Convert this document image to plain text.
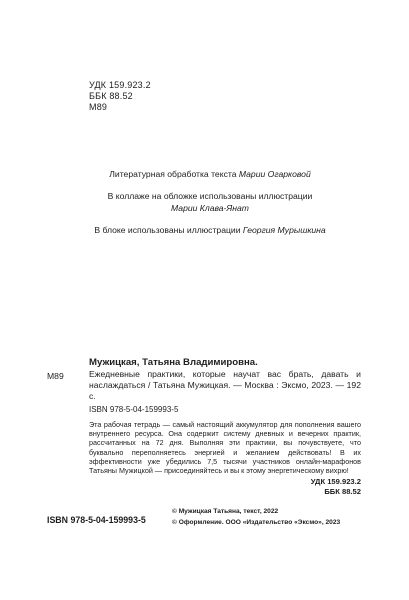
УДК 159.923.2
ББК 88.52
М89
Литературная обработка текста Марии Огарковой
В коллаже на обложке использованы иллюстрации
Марии Клава-Янат
В блоке использованы иллюстрации Георгия Мурышкина
Мужицкая, Татьяна Владимировна.
М89	Ежедневные практики, которые научат вас брать, давать и наслаждаться / Татьяна Мужицкая. — Москва : Эксмо, 2023. — 192 с.
ISBN 978-5-04-159993-5
Эта рабочая тетрадь — самый настоящий аккумулятор для пополнения вашего внутреннего ресурса. Она содержит систему дневных и вечерних практик, рассчитанных на 72 дня. Выполняя эти практики, вы почувствуете, что буквально переполняетесь энергией и желанием действовать! В их эффективности уже убедились 7,5 тысячи участников онлайн-марафонов Татьяны Мужицкой — присоединяйтесь и вы к этому энергетическому вихрю!
УДК 159.923.2
ББК 88.52
ISBN 978-5-04-159993-5
© Мужицкая Татьяна, текст, 2022
© Оформление. ООО «Издательство «Эксмо», 2023
